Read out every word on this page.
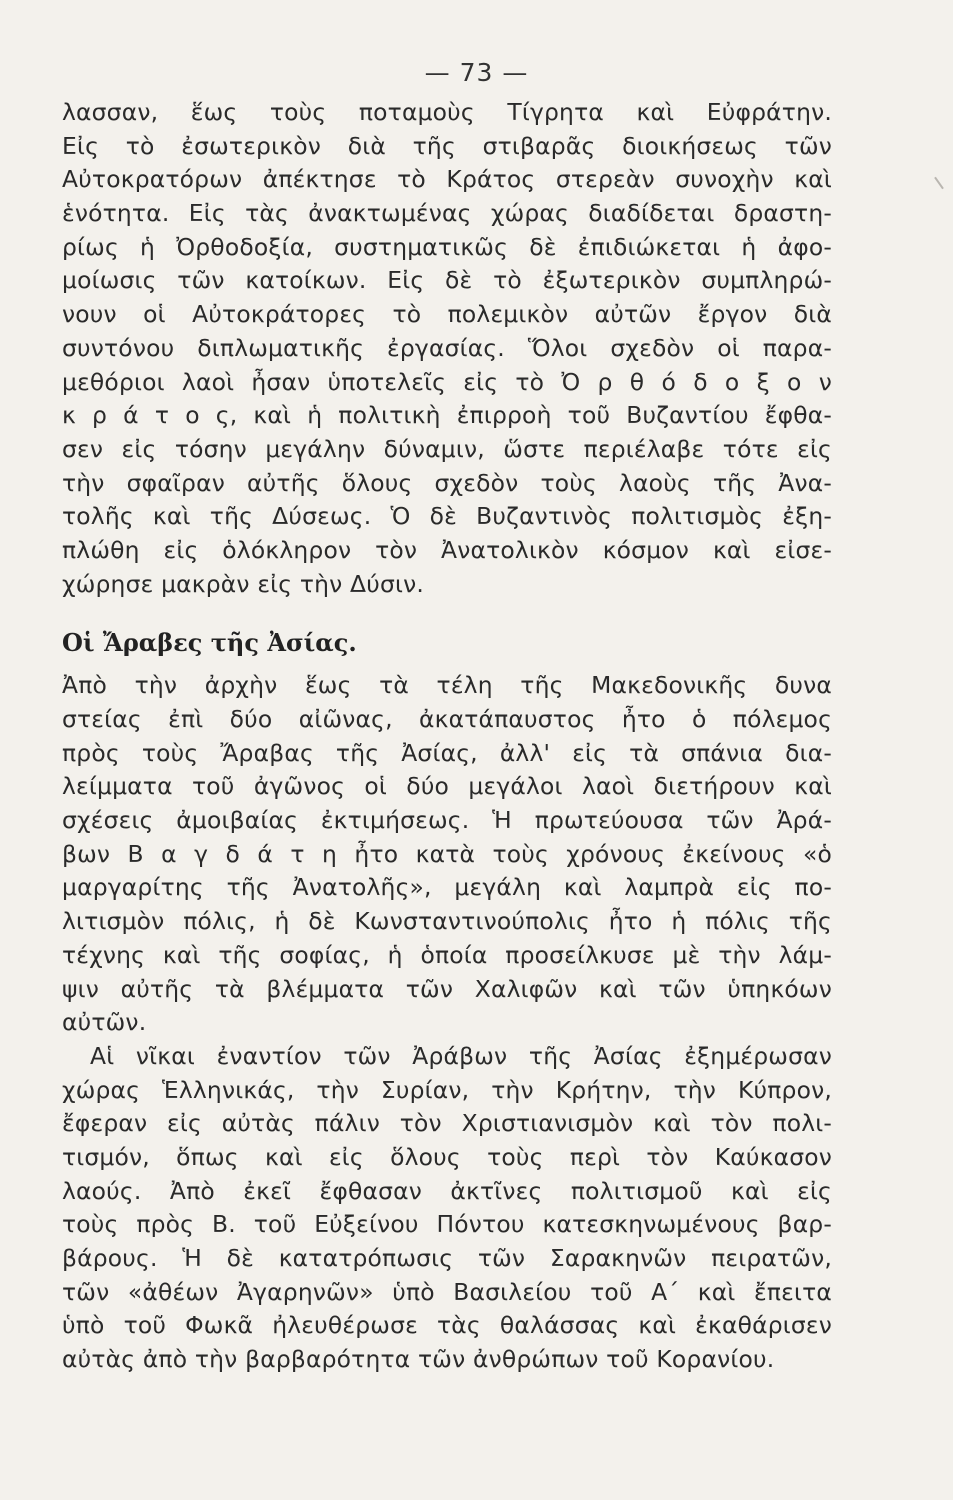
— 73 —
λασσαν, ἕως τοὺς ποταμοὺς Τίγρητα καὶ Εὐφράτην.
Εἰς τὸ ἐσωτερικὸν διὰ τῆς στιβαρᾶς διοικήσεως τῶν
Αὐτοκρατόρων ἀπέκτησε τὸ Κράτος στερεὰν συνοχὴν καὶ
ἑνότητα. Εἰς τὰς ἀνακτωμένας χώρας διαδίδεται δραστη-
ρίως ἡ Ὀρθοδοξία, συστηματικῶς δὲ ἐπιδιώκεται ἡ ἀφο-
μοίωσις τῶν κατοίκων. Εἰς δὲ τὸ ἐξωτερικὸν συμπληρώ-
νουν οἱ Αὐτοκράτορες τὸ πολεμικὸν αὐτῶν ἔργον διὰ
συντόνου διπλωματικῆς ἐργασίας. Ὅλοι σχεδὸν οἱ παρα-
μεθόριοι λαοὶ ἦσαν ὑποτελεῖς εἰς τὸ Ὀ ρ θ ό δ ο ξ ο ν
κ ρ ά τ ο ς, καὶ ἡ πολιτικὴ ἐπιρροὴ τοῦ Βυζαντίου ἔφθα-
σεν εἰς τόσην μεγάλην δύναμιν, ὥστε περιέλαβε τότε εἰς
τὴν σφαῖραν αὐτῆς ὅλους σχεδὸν τοὺς λαοὺς τῆς Ἀνα-
τολῆς καὶ τῆς Δύσεως. Ὁ δὲ Βυζαντινὸς πολιτισμὸς ἐξη-
πλώθη εἰς ὁλόκληρον τὸν Ἀνατολικὸν κόσμον καὶ εἰσε-
χώρησε μακρὰν εἰς τὴν Δύσιν.
Οἱ Ἄραβες τῆς Ἀσίας.
Ἀπὸ τὴν ἀρχὴν ἕως τὰ τέλη τῆς Μακεδονικῆς δυνα
στείας ἐπὶ δύο αἰῶνας, ἀκατάπαυστος ἦτο ὁ πόλεμος
πρὸς τοὺς Ἄραβας τῆς Ἀσίας, ἀλλ' εἰς τὰ σπάνια δια-
λείμματα τοῦ ἀγῶνος οἱ δύο μεγάλοι λαοὶ διετήρουν καὶ
σχέσεις ἀμοιβαίας ἐκτιμήσεως. Ἡ πρωτεύουσα τῶν Ἀρά-
βων Β α γ δ ά τ η ἦτο κατὰ τοὺς χρόνους ἐκείνους «ὁ
μαργαρίτης τῆς Ἀνατολῆς», μεγάλη καὶ λαμπρὰ εἰς πο-
λιτισμὸν πόλις, ἡ δὲ Κωνσταντινούπολις ἦτο ἡ πόλις τῆς
τέχνης καὶ τῆς σοφίας, ἡ ὁποία προσείλκυσε μὲ τὴν λάμ-
ψιν αὐτῆς τὰ βλέμματα τῶν Χαλιφῶν καὶ τῶν ὑπηκόων
αὐτῶν.
Αἱ νῖκαι ἐναντίον τῶν Ἀράβων τῆς Ἀσίας ἐξημέρωσαν
χώρας Ἑλληνικάς, τὴν Συρίαν, τὴν Κρήτην, τὴν Κύπρον,
ἔφεραν εἰς αὐτὰς πάλιν τὸν Χριστιανισμὸν καὶ τὸν πολι-
τισμόν, ὅπως καὶ εἰς ὅλους τοὺς περὶ τὸν Καύκασον
λαούς. Ἀπὸ ἐκεῖ ἔφθασαν ἀκτῖνες πολιτισμοῦ καὶ εἰς
τοὺς πρὸς Β. τοῦ Εὐξείνου Πόντου κατεσκηνωμένους βαρ-
βάρους. Ἡ δὲ κατατρόπωσις τῶν Σαρακηνῶν πειρατῶν,
τῶν «ἀθέων Ἀγαρηνῶν» ὑπὸ Βασιλείου τοῦ Α΄ καὶ ἔπειτα
ὑπὸ τοῦ Φωκᾶ ἠλευθέρωσε τὰς θαλάσσας καὶ ἐκαθάρισεν
αὐτὰς ἀπὸ τὴν βαρβαρότητα τῶν ἀνθρώπων τοῦ Κορανίου.
